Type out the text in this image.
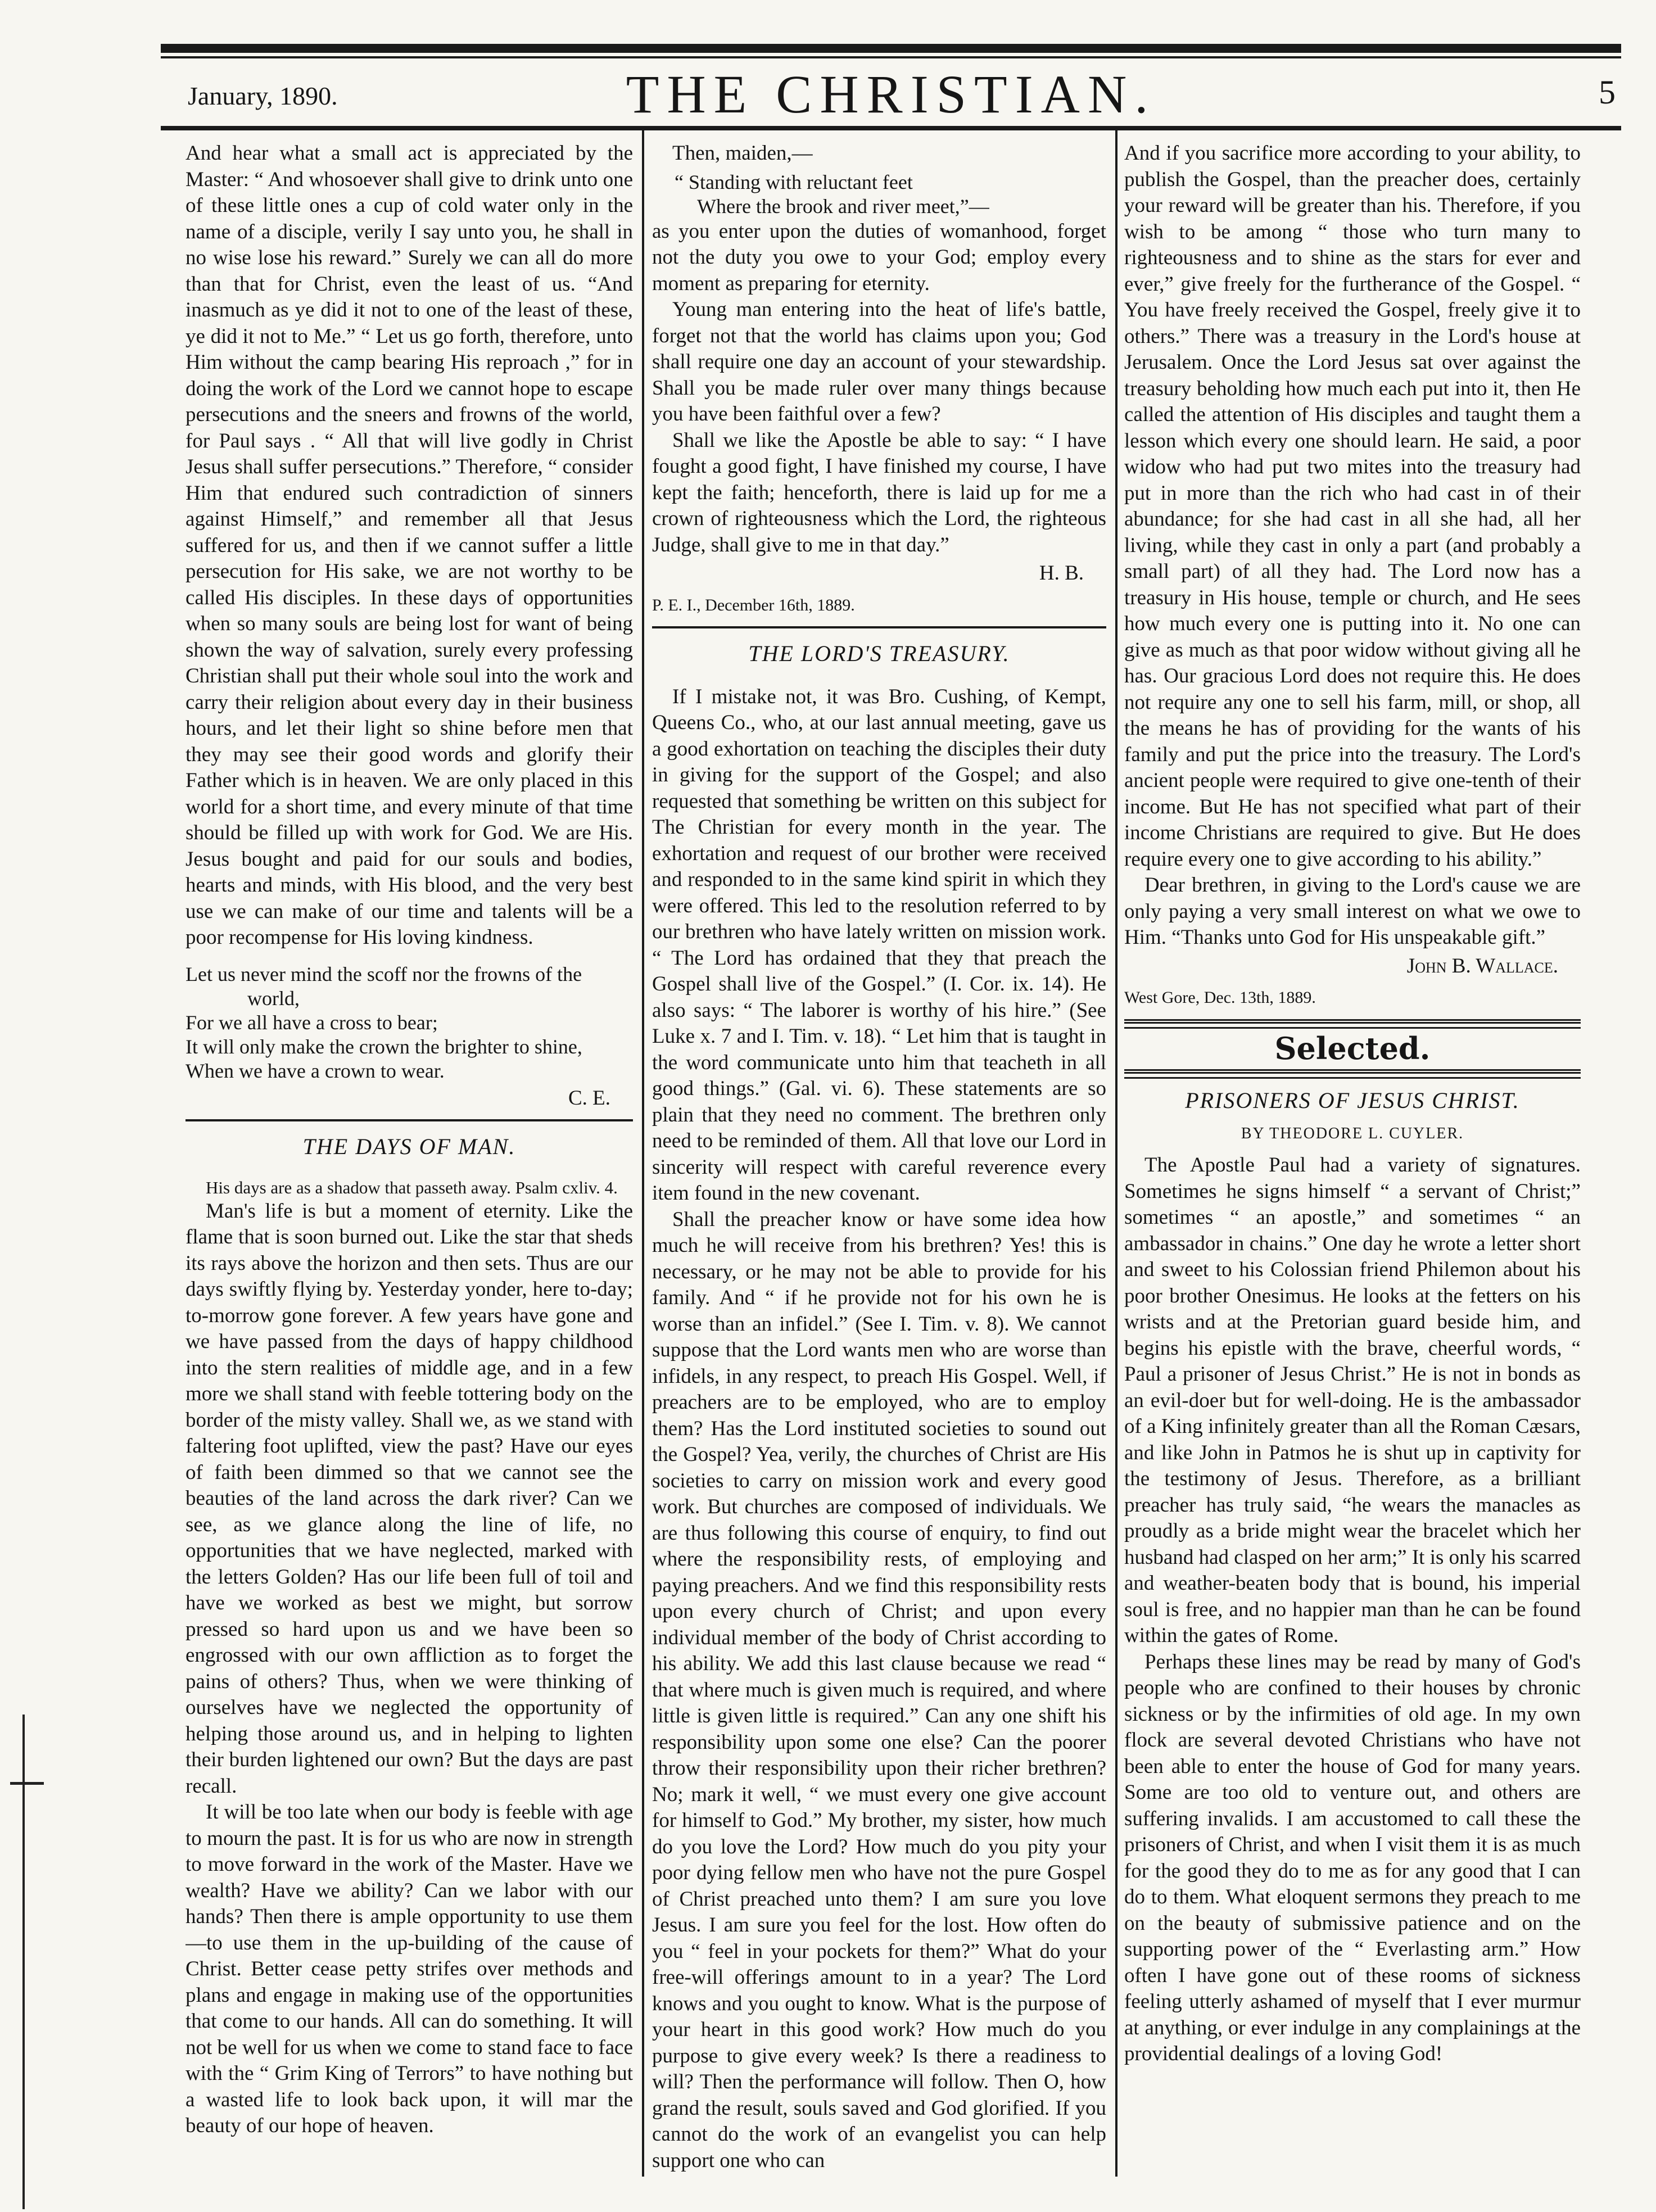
January, 1890.	THE CHRISTIAN.	5

And hear what a small act is appreciated by the Master: “ And whosoever shall give to drink unto one of these little ones a cup of cold water only in the name of a disciple, verily I say unto you, he shall in no wise lose his reward.” Surely we can all do more than that for Christ, even the least of us. “And inasmuch as ye did it not to one of the least of these, ye did it not to Me.” “ Let us go forth, therefore, unto Him without the camp bearing His reproach ,” for in doing the work of the Lord we cannot hope to escape persecutions and the sneers and frowns of the world, for Paul says . “ All that will live godly in Christ Jesus shall suffer persecutions.” Therefore, “ consider Him that endured such contradiction of sinners against Himself,” and remember all that Jesus suffered for us, and then if we cannot suffer a little persecution for His sake, we are not worthy to be called His disciples. In these days of opportunities when so many souls are being lost for want of being shown the way of salvation, surely every professing Christian shall put their whole soul into the work and carry their religion about every day in their business hours, and let their light so shine before men that they may see their good words and glorify their Father which is in heaven. We are only placed in this world for a short time, and every minute of that time should be filled up with work for God. We are His. Jesus bought and paid for our souls and bodies, hearts and minds, with His blood, and the very best use we can make of our time and talents will be a poor recompense for His loving kindness.

Let us never mind the scoff nor the frowns of the
world,
For we all have a cross to bear;
It will only make the crown the brighter to shine,
When we have a crown to wear.
C. E.
THE DAYS OF MAN.

His days are as a shadow that passeth away. Psalm cxliv. 4.

Man's life is but a moment of eternity. Like the flame that is soon burned out. Like the star that sheds its rays above the horizon and then sets. Thus are our days swiftly flying by. Yesterday yonder, here to-day; to-morrow gone forever. A few years have gone and we have passed from the days of happy childhood into the stern realities of middle age, and in a few more we shall stand with feeble tottering body on the border of the misty valley. Shall we, as we stand with faltering foot uplifted, view the past? Have our eyes of faith been dimmed so that we cannot see the beauties of the land across the dark river? Can we see, as we glance along the line of life, no opportunities that we have neglected, marked with the letters Golden? Has our life been full of toil and have we worked as best we might, but sorrow pressed so hard upon us and we have been so engrossed with our own affliction as to forget the pains of others? Thus, when we were thinking of ourselves have we neglected the opportunity of helping those around us, and in helping to lighten their burden lightened our own? But the days are past recall.

It will be too late when our body is feeble with age to mourn the past. It is for us who are now in strength to move forward in the work of the Master. Have we wealth? Have we ability? Can we labor with our hands? Then there is ample opportunity to use them—to use them in the up-building of the cause of Christ. Better cease petty strifes over methods and plans and engage in making use of the opportunities that come to our hands. All can do something. It will not be well for us when we come to stand face to face with the “ Grim King of Terrors” to have nothing but a wasted life to look back upon, it will mar the beauty of our hope of heaven.

Then, maiden,—

“ Standing with reluctant feet
Where the brook and river meet,”—

as you enter upon the duties of womanhood, forget not the duty you owe to your God; employ every moment as preparing for eternity.

Young man entering into the heat of life's battle, forget not that the world has claims upon you; God shall require one day an account of your stewardship. Shall you be made ruler over many things because you have been faithful over a few?

Shall we like the Apostle be able to say: “ I have fought a good fight, I have finished my course, I have kept the faith; henceforth, there is laid up for me a crown of righteousness which the Lord, the righteous Judge, shall give to me in that day.”

H. B.
P. E. I., December 16th, 1889.
THE LORD'S TREASURY.

If I mistake not, it was Bro. Cushing, of Kempt, Queens Co., who, at our last annual meeting, gave us a good exhortation on teaching the disciples their duty in giving for the support of the Gospel; and also requested that something be written on this subject for The Christian for every month in the year. The exhortation and request of our brother were received and responded to in the same kind spirit in which they were offered. This led to the resolution referred to by our brethren who have lately written on mission work. “ The Lord has ordained that they that preach the Gospel shall live of the Gospel.” (I. Cor. ix. 14). He also says: “ The laborer is worthy of his hire.” (See Luke x. 7 and I. Tim. v. 18). “ Let him that is taught in the word communicate unto him that teacheth in all good things.” (Gal. vi. 6). These statements are so plain that they need no comment. The brethren only need to be reminded of them. All that love our Lord in sincerity will respect with careful reverence every item found in the new covenant.

Shall the preacher know or have some idea how much he will receive from his brethren? Yes! this is necessary, or he may not be able to provide for his family. And “ if he provide not for his own he is worse than an infidel.” (See I. Tim. v. 8). We cannot suppose that the Lord wants men who are worse than infidels, in any respect, to preach His Gospel. Well, if preachers are to be employed, who are to employ them? Has the Lord instituted societies to sound out the Gospel? Yea, verily, the churches of Christ are His societies to carry on mission work and every good work. But churches are composed of individuals. We are thus following this course of enquiry, to find out where the responsibility rests, of employing and paying preachers. And we find this responsibility rests upon every church of Christ; and upon every individual member of the body of Christ according to his ability. We add this last clause because we read “ that where much is given much is required, and where little is given little is required.” Can any one shift his responsibility upon some one else? Can the poorer throw their responsibility upon their richer brethren? No; mark it well, “ we must every one give account for himself to God.” My brother, my sister, how much do you love the Lord? How much do you pity your poor dying fellow men who have not the pure Gospel of Christ preached unto them? I am sure you love Jesus. I am sure you feel for the lost. How often do you “ feel in your pockets for them?” What do your free-will offerings amount to in a year? The Lord knows and you ought to know. What is the purpose of your heart in this good work? How much do you purpose to give every week? Is there a readiness to will? Then the performance will follow. Then O, how grand the result, souls saved and God glorified. If you cannot do the work of an evangelist you can help support one who can

And if you sacrifice more according to your ability, to publish the Gospel, than the preacher does, certainly your reward will be greater than his. Therefore, if you wish to be among “ those who turn many to righteousness and to shine as the stars for ever and ever,” give freely for the furtherance of the Gospel. “ You have freely received the Gospel, freely give it to others.” There was a treasury in the Lord's house at Jerusalem. Once the Lord Jesus sat over against the treasury beholding how much each put into it, then He called the attention of His disciples and taught them a lesson which every one should learn. He said, a poor widow who had put two mites into the treasury had put in more than the rich who had cast in of their abundance; for she had cast in all she had, all her living, while they cast in only a part (and probably a small part) of all they had. The Lord now has a treasury in His house, temple or church, and He sees how much every one is putting into it. No one can give as much as that poor widow without giving all he has. Our gracious Lord does not require this. He does not require any one to sell his farm, mill, or shop, all the means he has of providing for the wants of his family and put the price into the treasury. The Lord's ancient people were required to give one-tenth of their income. But He has not specified what part of their income Christians are required to give. But He does require every one to give according to his ability.”

Dear brethren, in giving to the Lord's cause we are only paying a very small interest on what we owe to Him. “Thanks unto God for His unspeakable gift.”

John B. Wallace.
West Gore, Dec. 13th, 1889.
Selected.
PRISONERS OF JESUS CHRIST.
BY THEODORE L. CUYLER.

The Apostle Paul had a variety of signatures. Sometimes he signs himself “ a servant of Christ;” sometimes “ an apostle,” and sometimes “ an ambassador in chains.” One day he wrote a letter short and sweet to his Colossian friend Philemon about his poor brother Onesimus. He looks at the fetters on his wrists and at the Pretorian guard beside him, and begins his epistle with the brave, cheerful words, “ Paul a prisoner of Jesus Christ.” He is not in bonds as an evil-doer but for well-doing. He is the ambassador of a King infinitely greater than all the Roman Cæsars, and like John in Patmos he is shut up in captivity for the testimony of Jesus. Therefore, as a brilliant preacher has truly said, “he wears the manacles as proudly as a bride might wear the bracelet which her husband had clasped on her arm;” It is only his scarred and weather-beaten body that is bound, his imperial soul is free, and no happier man than he can be found within the gates of Rome.

Perhaps these lines may be read by many of God's people who are confined to their houses by chronic sickness or by the infirmities of old age. In my own flock are several devoted Christians who have not been able to enter the house of God for many years. Some are too old to venture out, and others are suffering invalids. I am accustomed to call these the prisoners of Christ, and when I visit them it is as much for the good they do to me as for any good that I can do to them. What eloquent sermons they preach to me on the beauty of submissive patience and on the supporting power of the “ Everlasting arm.” How often I have gone out of these rooms of sickness feeling utterly ashamed of myself that I ever murmur at anything, or ever indulge in any complainings at the providential dealings of a loving God!
